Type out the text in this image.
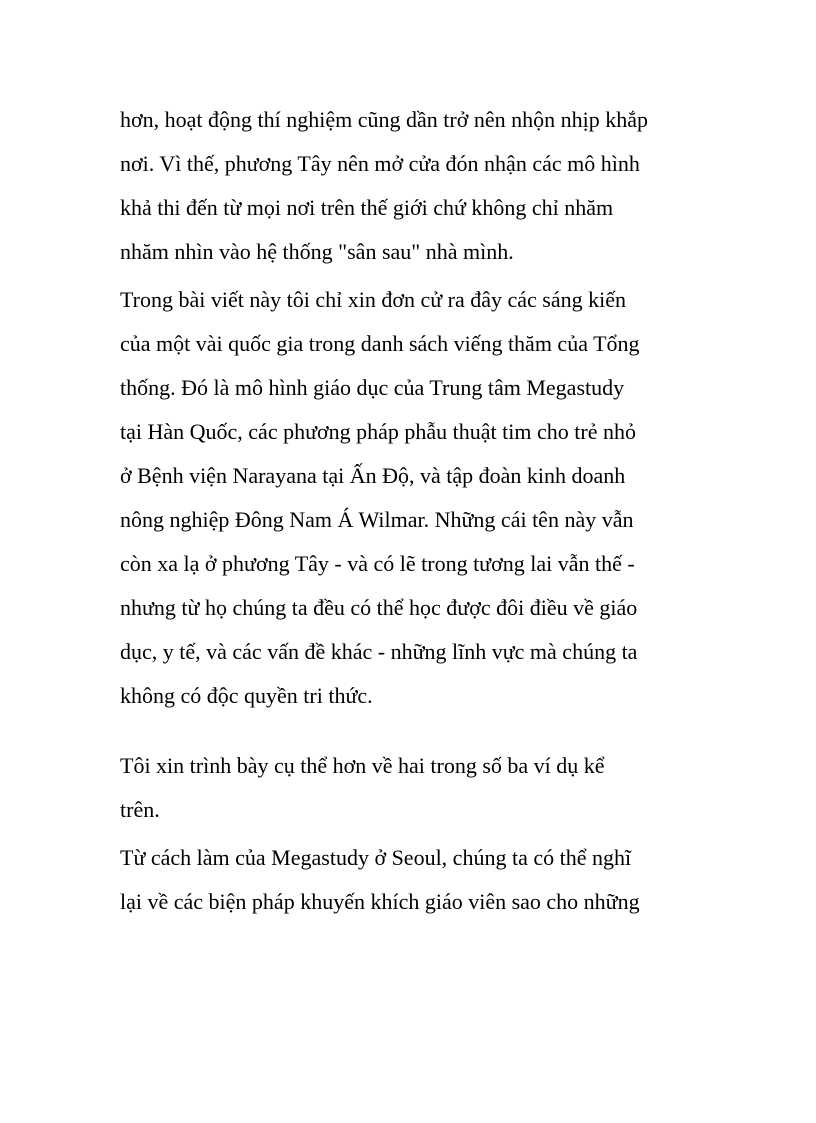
hơn, hoạt động thí nghiệm cũng dần trở nên nhộn nhịp khắp
nơi. Vì thế, phương Tây nên mở cửa đón nhận các mô hình
khả thi đến từ mọi nơi trên thế giới chứ không chỉ nhăm
nhăm nhìn vào hệ thống "sân sau" nhà mình.
Trong bài viết này tôi chỉ xin đơn cử ra đây các sáng kiến
của một vài quốc gia trong danh sách viếng thăm của Tổng
thống. Đó là mô hình giáo dục của Trung tâm Megastudy
tại Hàn Quốc, các phương pháp phẫu thuật tim cho trẻ nhỏ
ở Bệnh viện Narayana tại Ấn Độ, và tập đoàn kinh doanh
nông nghiệp Đông Nam Á Wilmar. Những cái tên này vẫn
còn xa lạ ở phương Tây - và có lẽ trong tương lai vẫn thế -
nhưng từ họ chúng ta đều có thể học được đôi điều về giáo
dục, y tế, và các vấn đề khác - những lĩnh vực mà chúng ta
không có độc quyền tri thức.
Tôi xin trình bày cụ thể hơn về hai trong số ba ví dụ kể
trên.
Từ cách làm của Megastudy ở Seoul, chúng ta có thể nghĩ
lại về các biện pháp khuyến khích giáo viên sao cho những
